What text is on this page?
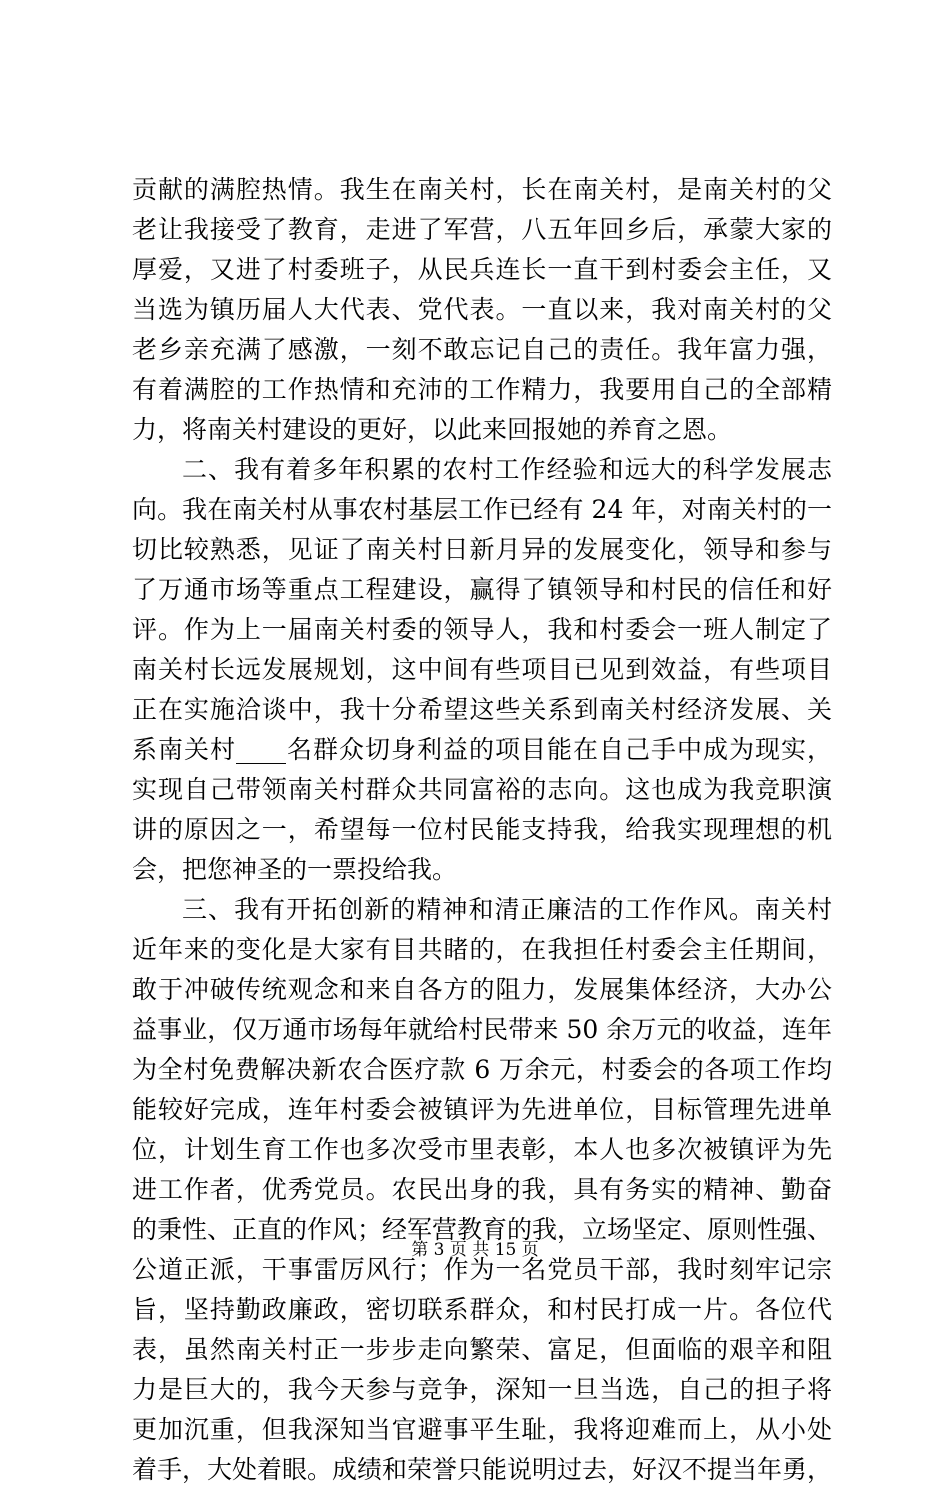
贡献的满腔热情。我生在南关村，长在南关村，是南关村的父
老让我接受了教育，走进了军营，八五年回乡后，承蒙大家的
厚爱，又进了村委班子，从民兵连长一直干到村委会主任，又
当选为镇历届人大代表、党代表。一直以来，我对南关村的父
老乡亲充满了感激，一刻不敢忘记自己的责任。我年富力强，
有着满腔的工作热情和充沛的工作精力，我要用自己的全部精
力，将南关村建设的更好，以此来回报她的养育之恩。
二、我有着多年积累的农村工作经验和远大的科学发展志
向。我在南关村从事农村基层工作已经有 24 年，对南关村的一
切比较熟悉，见证了南关村日新月异的发展变化，领导和参与
了万通市场等重点工程建设，赢得了镇领导和村民的信任和好
评。作为上一届南关村委的领导人，我和村委会一班人制定了
南关村长远发展规划，这中间有些项目已见到效益，有些项目
正在实施洽谈中，我十分希望这些关系到南关村经济发展、关
系南关村____名群众切身利益的项目能在自己手中成为现实，
实现自己带领南关村群众共同富裕的志向。这也成为我竞职演
讲的原因之一，希望每一位村民能支持我，给我实现理想的机
会，把您神圣的一票投给我。
三、我有开拓创新的精神和清正廉洁的工作作风。南关村
近年来的变化是大家有目共睹的，在我担任村委会主任期间，
敢于冲破传统观念和来自各方的阻力，发展集体经济，大办公
益事业，仅万通市场每年就给村民带来 50 余万元的收益，连年
为全村免费解决新农合医疗款 6 万余元，村委会的各项工作均
能较好完成，连年村委会被镇评为先进单位，目标管理先进单
位，计划生育工作也多次受市里表彰，本人也多次被镇评为先
进工作者，优秀党员。农民出身的我，具有务实的精神、勤奋
的秉性、正直的作风；经军营教育的我，立场坚定、原则性强、
公道正派，干事雷厉风行；作为一名党员干部，我时刻牢记宗
旨，坚持勤政廉政，密切联系群众，和村民打成一片。各位代
表，虽然南关村正一步步走向繁荣、富足，但面临的艰辛和阻
力是巨大的，我今天参与竞争，深知一旦当选，自己的担子将
更加沉重，但我深知当官避事平生耻，我将迎难而上，从小处
着手，大处着眼。成绩和荣誉只能说明过去，好汉不提当年勇，
第 3 页 共 15 页
